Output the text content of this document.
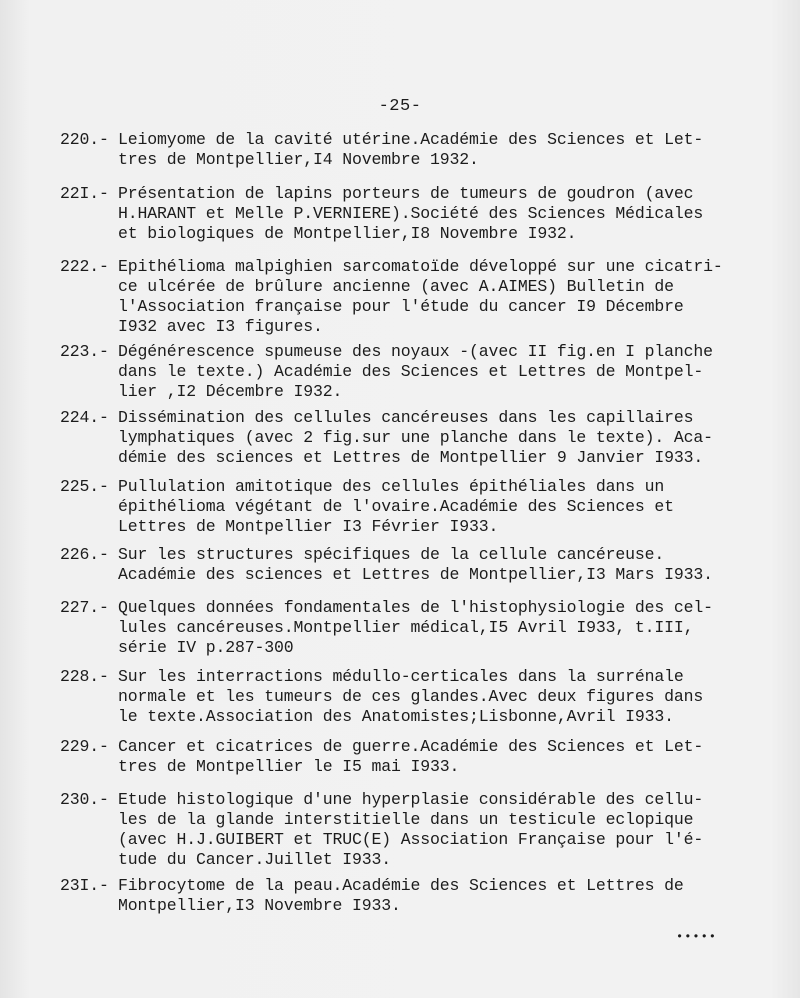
-25-
220.- Leiomyome de la cavité utérine.Académie des Sciences et Let-
tres de Montpellier,I4 Novembre 1932.
22I.- Présentation de lapins porteurs de tumeurs de goudron (avec
H.HARANT et Melle P.VERNIERE).Société des Sciences Médicales
et biologiques de Montpellier,I8 Novembre I932.
222.- Epithélioma malpighien sarcomatoïde développé sur une cicatri-
ce ulcérée de brûlure ancienne (avec A.AIMES) Bulletin de
l'Association française pour l'étude du cancer I9 Décembre
I932 avec I3 figures.
223.- Dégénérescence spumeuse des noyaux -(avec II fig.en I planche
dans le texte.) Académie des Sciences et Lettres de Montpel-
lier ,I2 Décembre I932.
224.- Dissémination des cellules cancéreuses dans les capillaires
lymphatiques (avec 2 fig.sur une planche dans le texte). Aca-
démie des sciences et Lettres de Montpellier 9 Janvier I933.
225.- Pullulation amitotique des cellules épithéliales dans un
épithélioma végétant de l'ovaire.Académie des Sciences et
Lettres de Montpellier I3 Février I933.
226.- Sur les structures spécifiques de la cellule cancéreuse.
Académie des sciences et Lettres de Montpellier,I3 Mars I933.
227.- Quelques données fondamentales de l'histophysiologie des cel-
lules cancéreuses.Montpellier médical,I5 Avril I933, t.III,
série IV p.287-300
228.- Sur les interractions médullo-certicales dans la surrénale
normale et les tumeurs de ces glandes.Avec deux figures dans
le texte.Association des Anatomistes;Lisbonne,Avril I933.
229.- Cancer et cicatrices de guerre.Académie des Sciences et Let-
tres de Montpellier le I5 mai I933.
230.- Etude histologique d'une hyperplasie considérable des cellu-
les de la glande interstitielle dans un testicule eclopique
(avec H.J.GUIBERT et TRUC(E) Association Française pour l'é-
tude du Cancer.Juillet I933.
23I.- Fibrocytome de la peau.Académie des Sciences et Lettres de
Montpellier,I3 Novembre I933.
•••••
